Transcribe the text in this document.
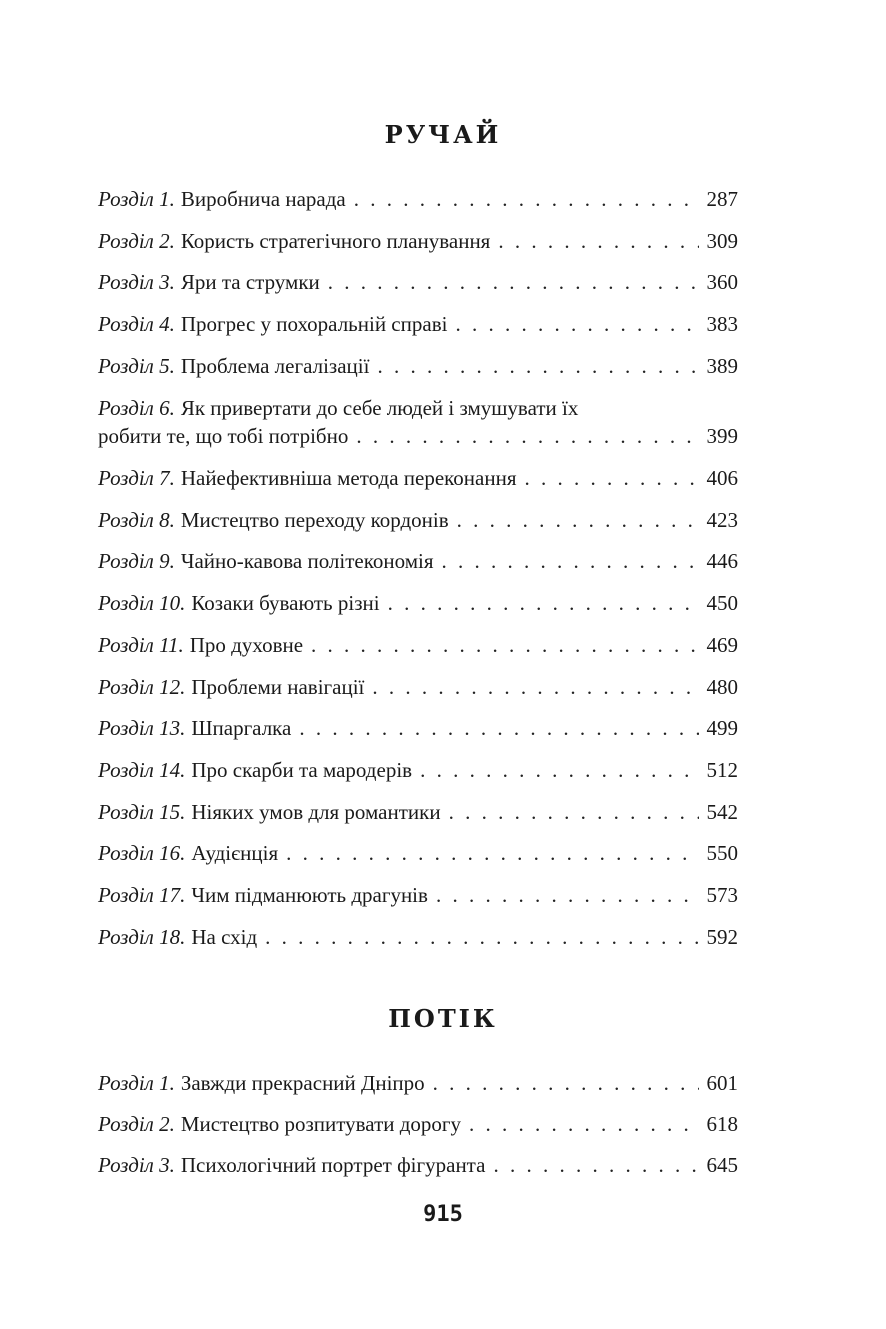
РУЧАЙ
Розділ 1. Виробнича нарада . . .	287
Розділ 2. Користь стратегічного планування . . .	309
Розділ 3. Яри та струмки . . .	360
Розділ 4. Прогрес у похоральній справі . . .	383
Розділ 5. Проблема легалізації . . .	389
Розділ 6. Як привертати до себе людей і змушувати їх
робити те, що тобі потрібно . . .	399
Розділ 7. Найефективніша метода переконання . . .	406
Розділ 8. Мистецтво переходу кордонів . . .	423
Розділ 9. Чайно-кавова політекономія . . .	446
Розділ 10. Козаки бувають різні . . .	450
Розділ 11. Про духовне . . .	469
Розділ 12. Проблеми навігації . . .	480
Розділ 13. Шпаргалка . . .	499
Розділ 14. Про скарби та мародерів . . .	512
Розділ 15. Ніяких умов для романтики . . .	542
Розділ 16. Аудієнція . . .	550
Розділ 17. Чим підманюють драгунів . . .	573
Розділ 18. На схід . . .	592
ПОТІК
Розділ 1. Завжди прекрасний Дніпро . . .	601
Розділ 2. Мистецтво розпитувати дорогу . . .	618
Розділ 3. Психологічний портрет фігуранта . . .	645
915
